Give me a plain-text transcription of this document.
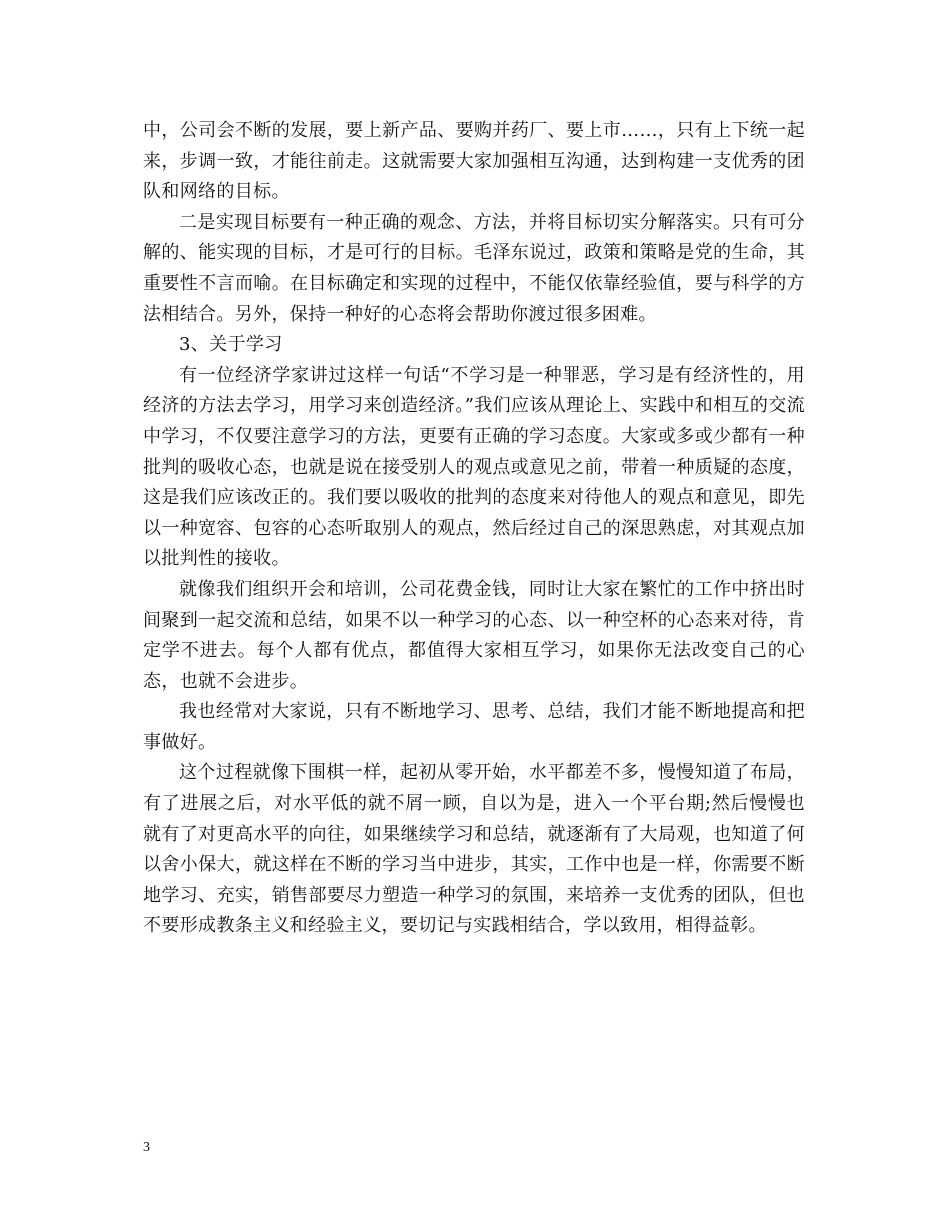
中，公司会不断的发展，要上新产品、要购并药厂、要上市……，只有上下统一起来，步调一致，才能往前走。这就需要大家加强相互沟通，达到构建一支优秀的团队和网络的目标。

二是实现目标要有一种正确的观念、方法，并将目标切实分解落实。只有可分解的、能实现的目标，才是可行的目标。毛泽东说过，政策和策略是党的生命，其重要性不言而喻。在目标确定和实现的过程中，不能仅依靠经验值，要与科学的方法相结合。另外，保持一种好的心态将会帮助你渡过很多困难。

3、关于学习

有一位经济学家讲过这样一句话“不学习是一种罪恶，学习是有经济性的，用经济的方法去学习，用学习来创造经济。”我们应该从理论上、实践中和相互的交流中学习，不仅要注意学习的方法，更要有正确的学习态度。大家或多或少都有一种批判的吸收心态，也就是说在接受别人的观点或意见之前，带着一种质疑的态度，这是我们应该改正的。我们要以吸收的批判的态度来对待他人的观点和意见，即先以一种宽容、包容的心态听取别人的观点，然后经过自己的深思熟虑，对其观点加以批判性的接收。

就像我们组织开会和培训，公司花费金钱，同时让大家在繁忙的工作中挤出时间聚到一起交流和总结，如果不以一种学习的心态、以一种空杯的心态来对待，肯定学不进去。每个人都有优点，都值得大家相互学习，如果你无法改变自己的心态，也就不会进步。

我也经常对大家说，只有不断地学习、思考、总结，我们才能不断地提高和把事做好。

这个过程就像下围棋一样，起初从零开始，水平都差不多，慢慢知道了布局，有了进展之后，对水平低的就不屑一顾，自以为是，进入一个平台期;然后慢慢也就有了对更高水平的向往，如果继续学习和总结，就逐渐有了大局观，也知道了何以舍小保大，就这样在不断的学习当中进步，其实，工作中也是一样，你需要不断地学习、充实，销售部要尽力塑造一种学习的氛围，来培养一支优秀的团队，但也不要形成教条主义和经验主义，要切记与实践相结合，学以致用，相得益彰。

3
